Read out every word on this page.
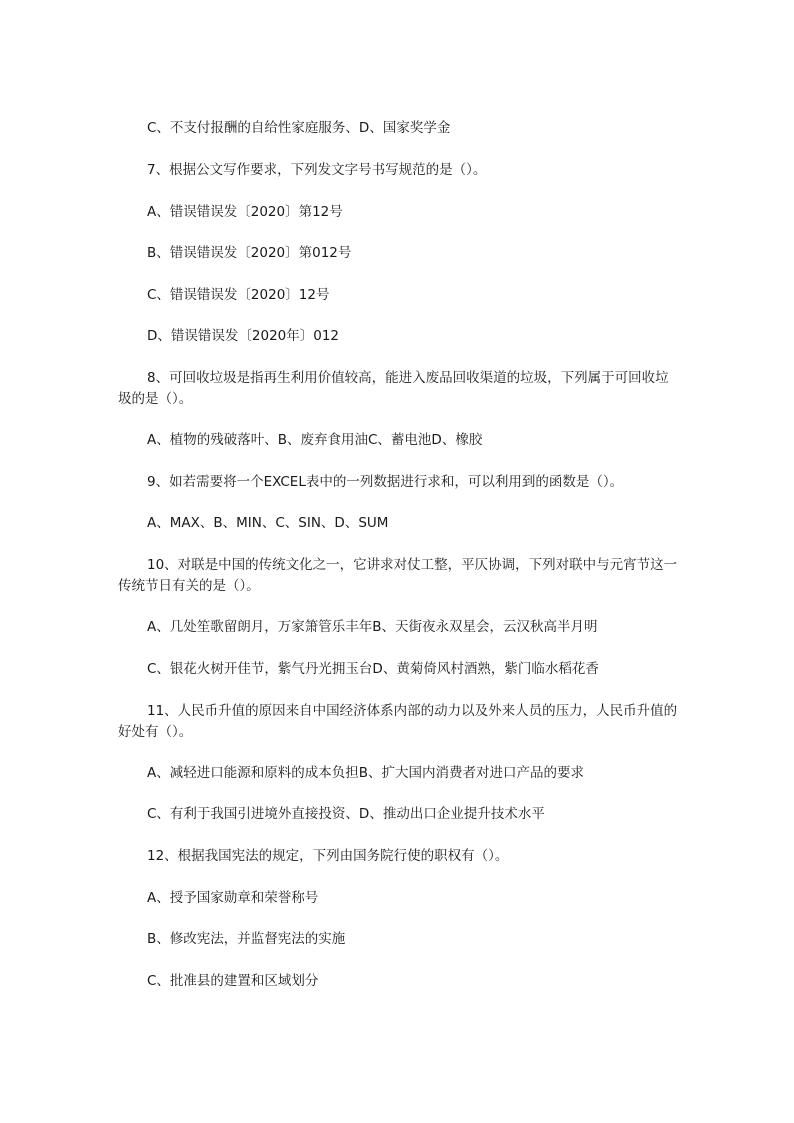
C、不支付报酬的自给性家庭服务、D、国家奖学金

7、根据公文写作要求，下列发文字号书写规范的是（）。

A、错误错误发〔2020〕第12号

B、错误错误发〔2020〕第012号

C、错误错误发〔2020〕12号

D、错误错误发〔2020年〕012

8、可回收垃圾是指再生利用价值较高，能进入废品回收渠道的垃圾，下列属于可回收垃圾的是（）。

A、植物的残破落叶、B、废弃食用油C、蓄电池D、橡胶

9、如若需要将一个EXCEL表中的一列数据进行求和，可以利用到的函数是（）。

A、MAX、B、MIN、C、SIN、D、SUM

10、对联是中国的传统文化之一，它讲求对仗工整，平仄协调，下列对联中与元宵节这一传统节日有关的是（）。

A、几处笙歌留朗月，万家箫管乐丰年B、天街夜永双星会，云汉秋高半月明

C、银花火树开佳节，紫气丹光拥玉台D、黄菊倚风村酒熟，紫门临水稻花香

11、人民币升值的原因来自中国经济体系内部的动力以及外来人员的压力，人民币升值的好处有（）。

A、减轻进口能源和原料的成本负担B、扩大国内消费者对进口产品的要求

C、有利于我国引进境外直接投资、D、推动出口企业提升技术水平

12、根据我国宪法的规定，下列由国务院行使的职权有（）。

A、授予国家勋章和荣誉称号

B、修改宪法，并监督宪法的实施

C、批准县的建置和区域划分
